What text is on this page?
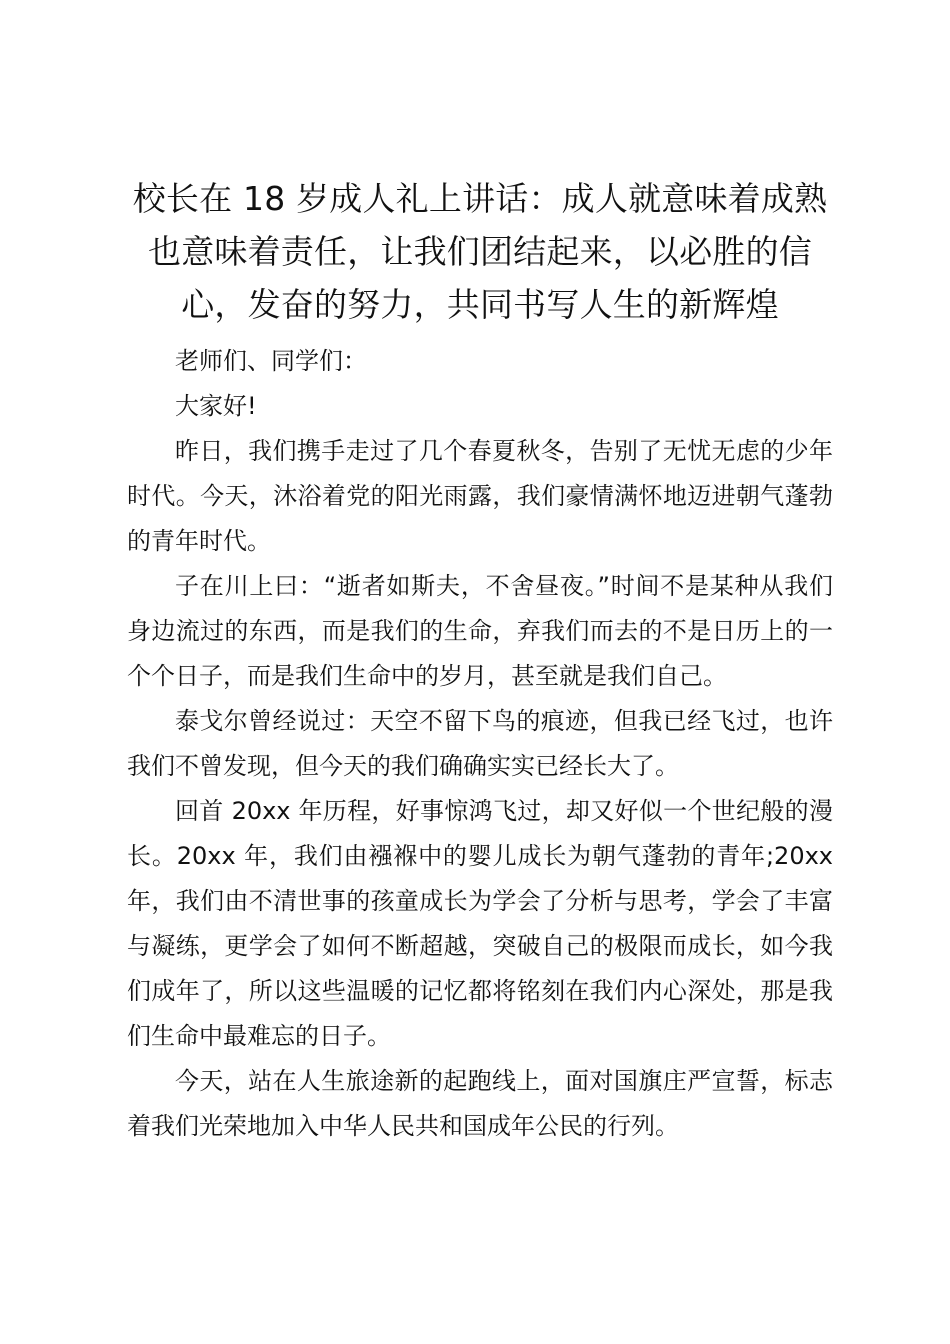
校长在 18 岁成人礼上讲话：成人就意味着成熟也意味着责任，让我们团结起来，以必胜的信心，发奋的努力，共同书写人生的新辉煌

老师们、同学们：

大家好!

昨日，我们携手走过了几个春夏秋冬，告别了无忧无虑的少年时代。今天，沐浴着党的阳光雨露，我们豪情满怀地迈进朝气蓬勃的青年时代。

子在川上曰：“逝者如斯夫，不舍昼夜。”时间不是某种从我们身边流过的东西，而是我们的生命，弃我们而去的不是日历上的一个个日子，而是我们生命中的岁月，甚至就是我们自己。

泰戈尔曾经说过：天空不留下鸟的痕迹，但我已经飞过，也许我们不曾发现，但今天的我们确确实实已经长大了。

回首 20xx 年历程，好事惊鸿飞过，却又好似一个世纪般的漫长。20xx 年，我们由襁褓中的婴儿成长为朝气蓬勃的青年;20xx 年，我们由不清世事的孩童成长为学会了分析与思考，学会了丰富与凝练，更学会了如何不断超越，突破自己的极限而成长，如今我们成年了，所以这些温暖的记忆都将铭刻在我们内心深处，那是我们生命中最难忘的日子。

今天，站在人生旅途新的起跑线上，面对国旗庄严宣誓，标志着我们光荣地加入中华人民共和国成年公民的行列。
